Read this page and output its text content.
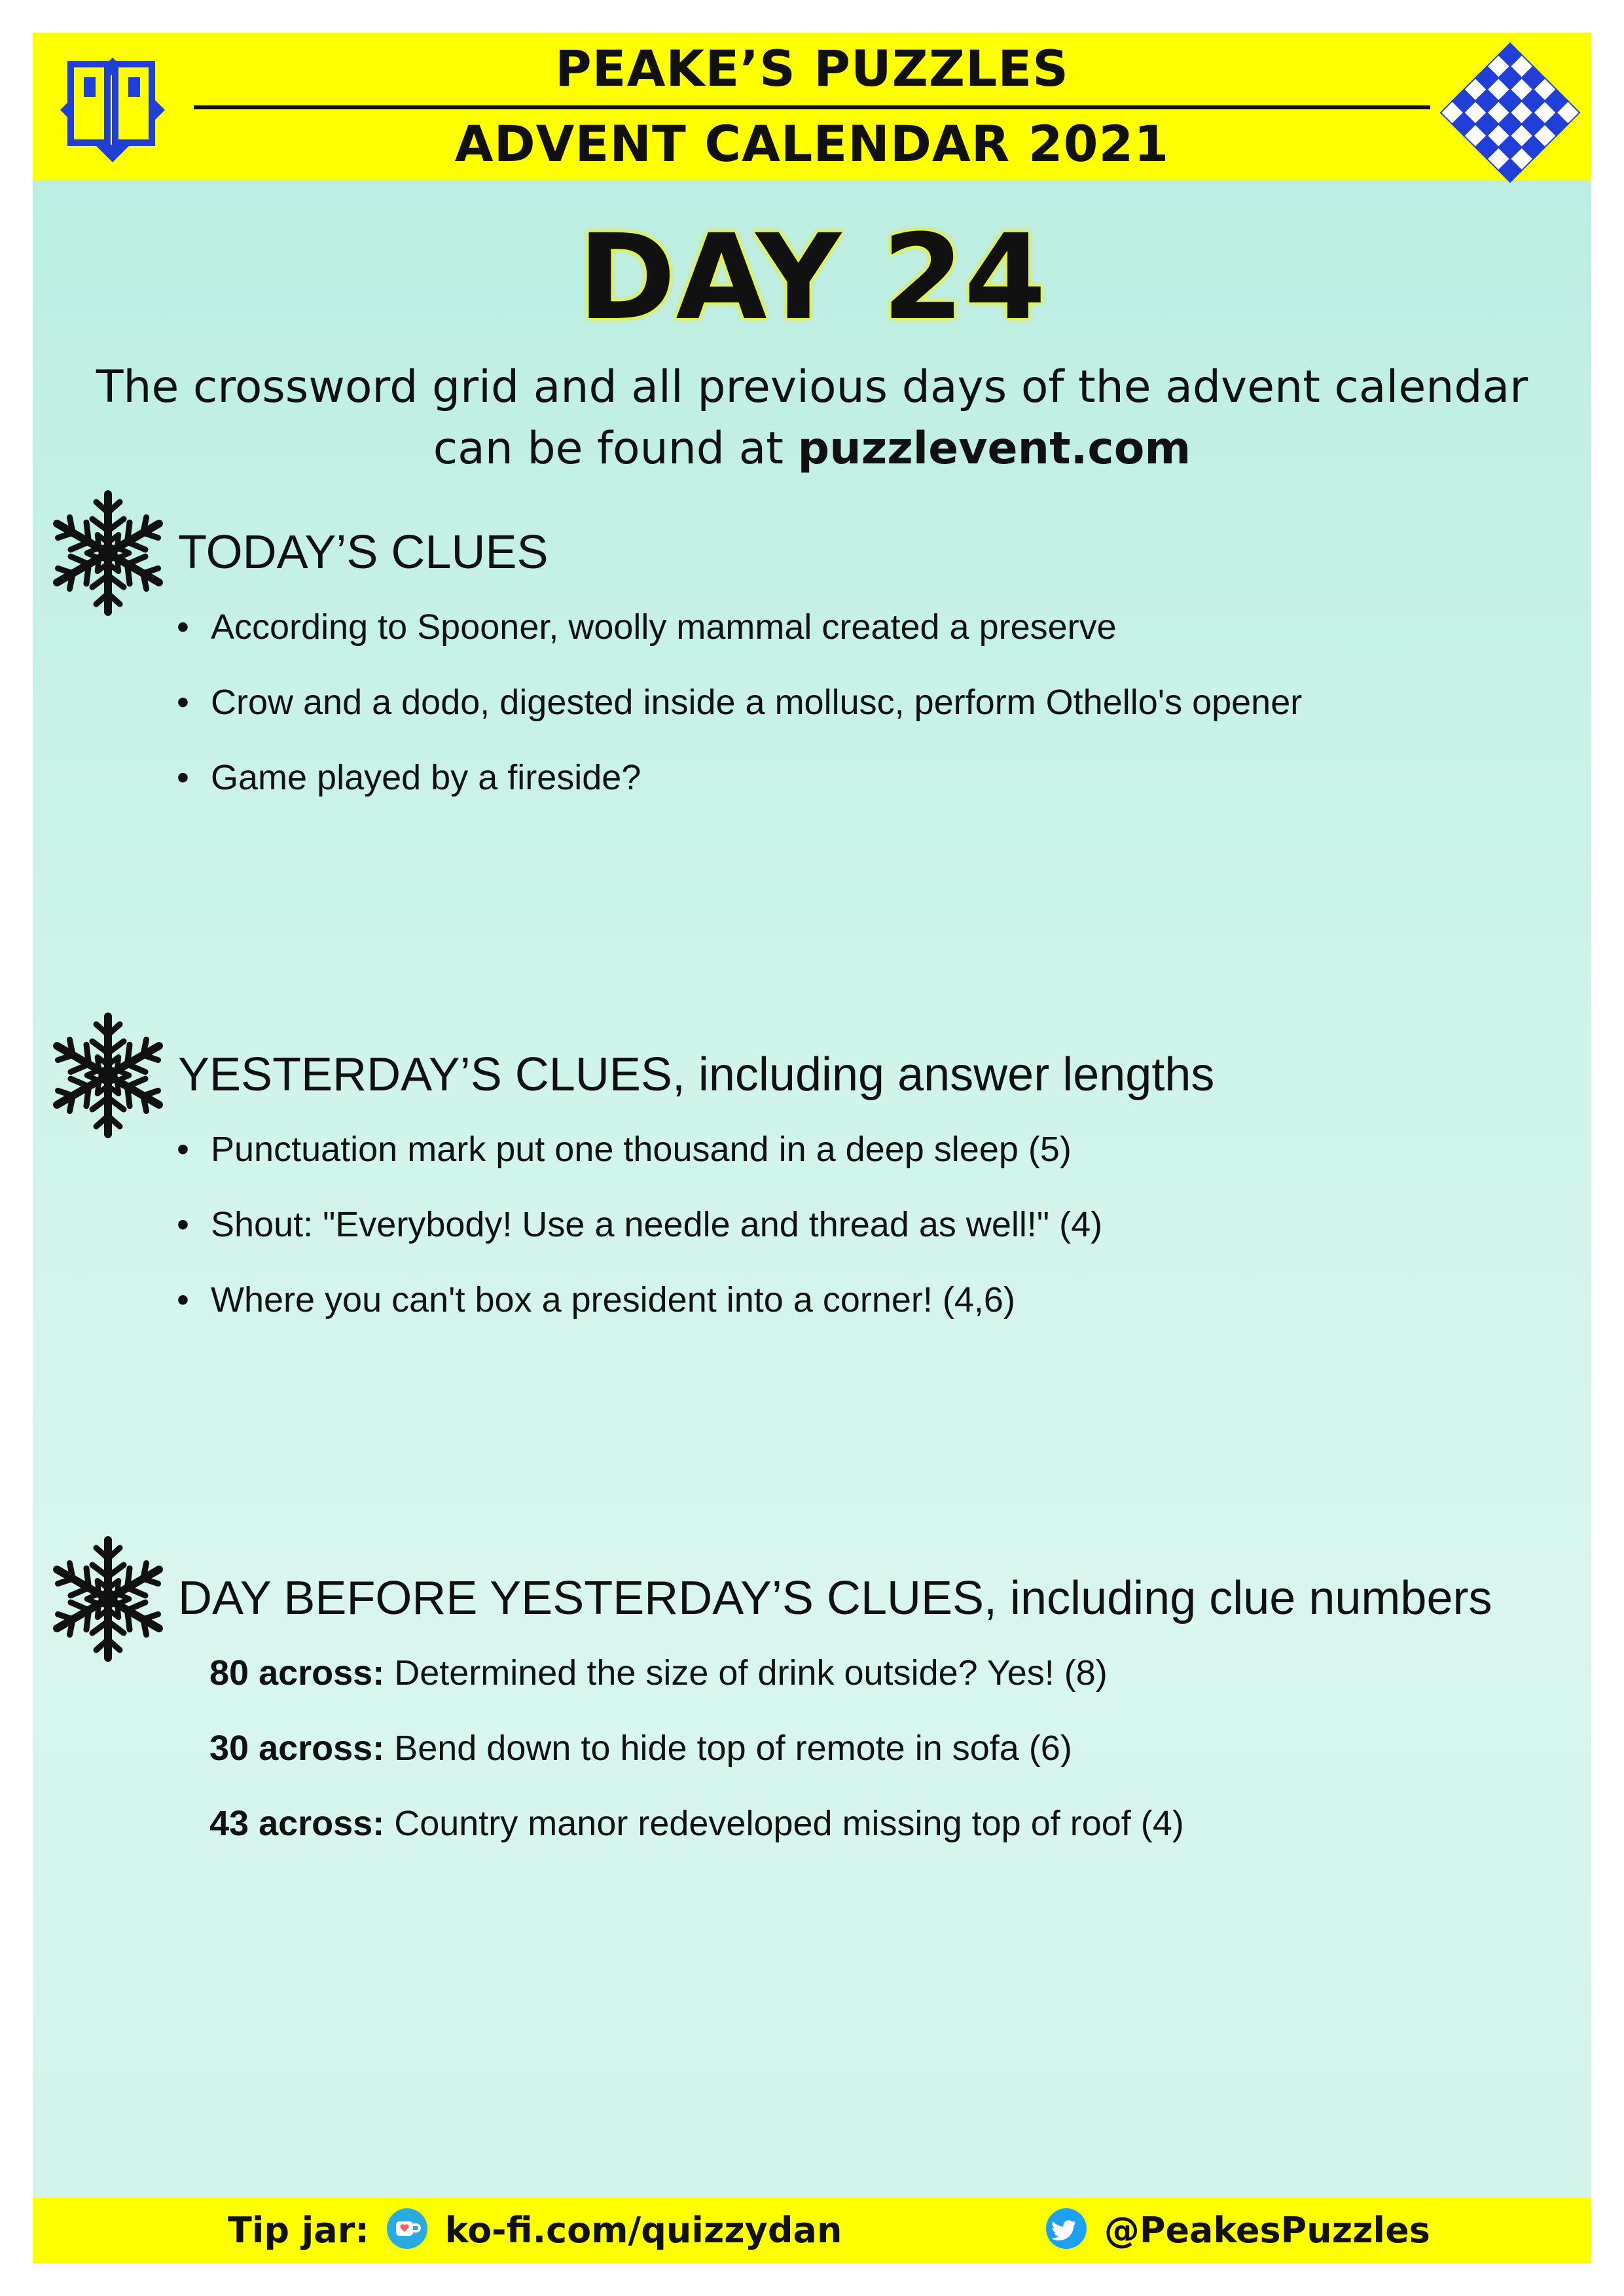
PEAKE’S PUZZLES
ADVENT CALENDAR 2021
DAY 24
The crossword grid and all previous days of the advent calendar
can be found at puzzlevent.com
TODAY’S CLUES
• According to Spooner, woolly mammal created a preserve
• Crow and a dodo, digested inside a mollusc, perform Othello's opener
• Game played by a fireside?
YESTERDAY’S CLUES, including answer lengths
• Punctuation mark put one thousand in a deep sleep (5)
• Shout: "Everybody! Use a needle and thread as well!" (4)
• Where you can't box a president into a corner! (4,6)
DAY BEFORE YESTERDAY’S CLUES, including clue numbers
80 across: Determined the size of drink outside? Yes! (8)
30 across: Bend down to hide top of remote in sofa (6)
43 across: Country manor redeveloped missing top of roof (4)
Tip jar: ko-fi.com/quizzydan	@PeakesPuzzles
